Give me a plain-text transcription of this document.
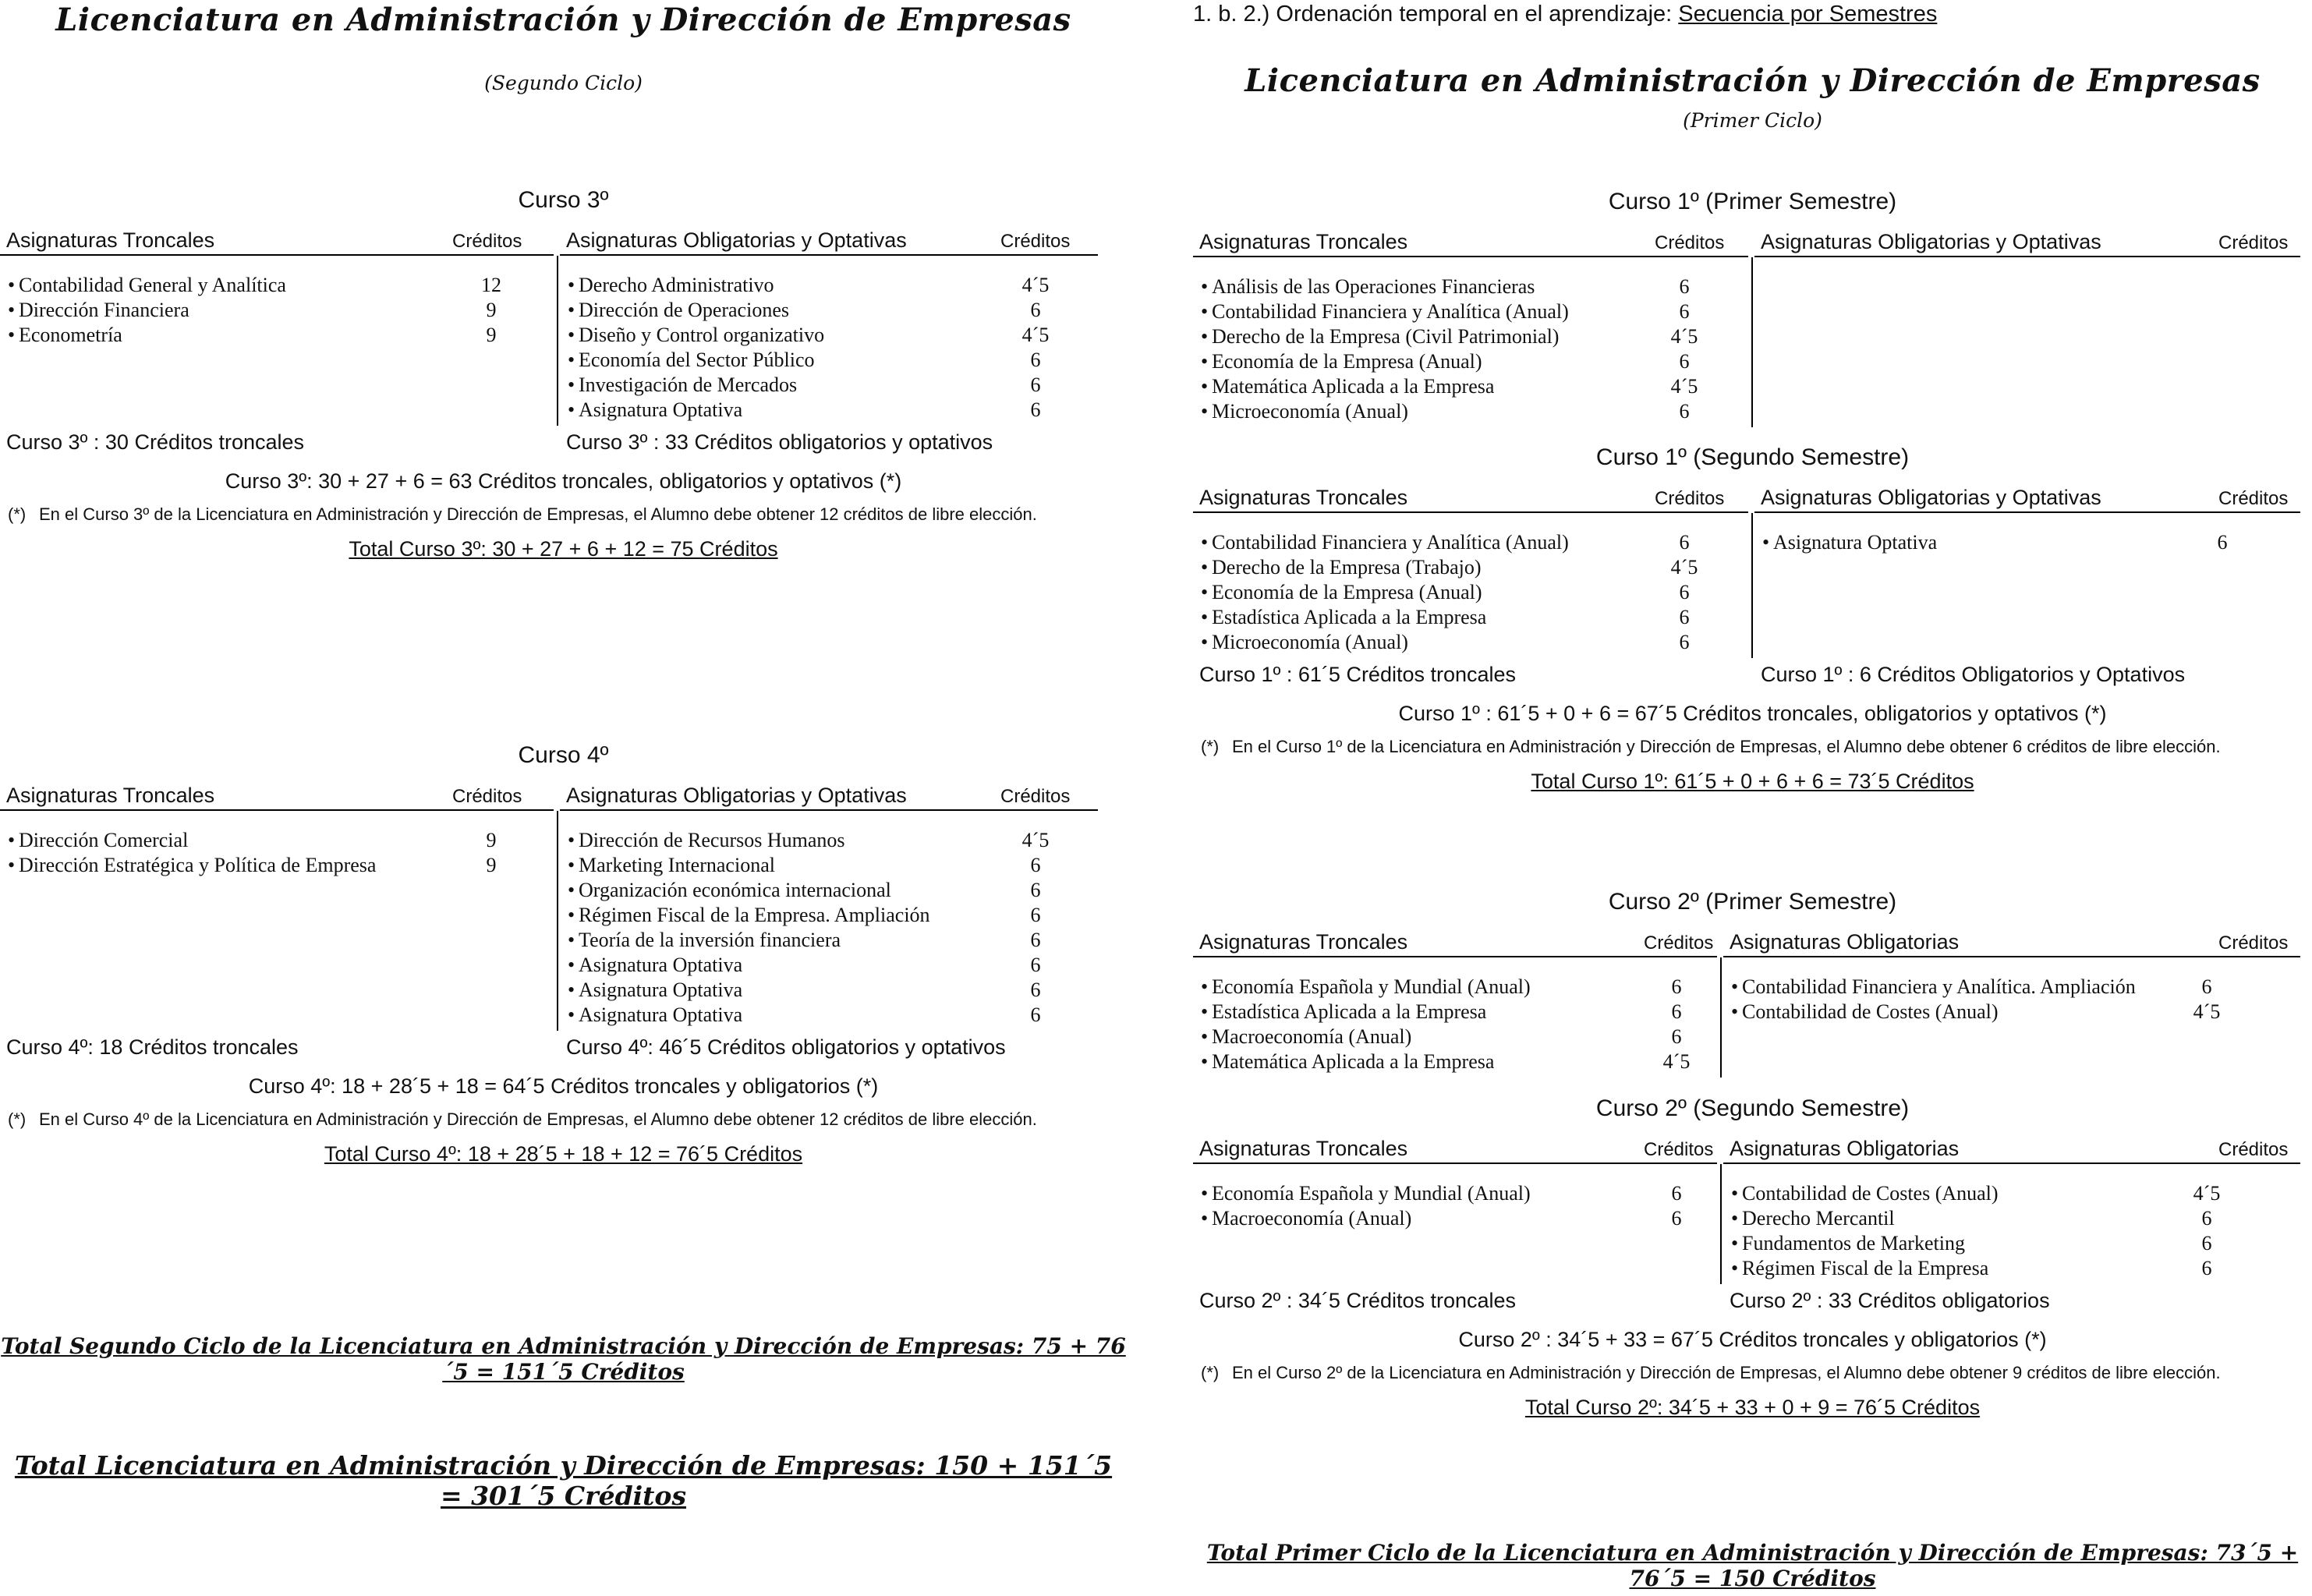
Licenciatura en Administración y Dirección de Empresas
(Segundo Ciclo)
Curso 3º
Asignaturas Troncales	Créditos
• Contabilidad General y Analítica	12
• Dirección Financiera	9
• Econometría	9
Asignaturas Obligatorias y Optativas	Créditos
• Derecho Administrativo	4´5
• Dirección de Operaciones	6
• Diseño y Control organizativo	4´5
• Economía del Sector Público	6
• Investigación de Mercados	6
• Asignatura Optativa	6
Curso 3º : 30 Créditos troncales	Curso 3º : 33 Créditos obligatorios y optativos
Curso 3º: 30 + 27 + 6 = 63 Créditos troncales, obligatorios y optativos (*)
(*) En el Curso 3º de la Licenciatura en Administración y Dirección de Empresas, el Alumno debe obtener 12 créditos de libre elección.
Total Curso 3º: 30 + 27 + 6 + 12 = 75 Créditos
Curso 4º
Asignaturas Troncales	Créditos
• Dirección Comercial	9
• Dirección Estratégica y Política de Empresa	9
Asignaturas Obligatorias y Optativas	Créditos
• Dirección de Recursos Humanos	4´5
• Marketing Internacional	6
• Organización económica internacional	6
• Régimen Fiscal de la Empresa. Ampliación	6
• Teoría de la inversión financiera	6
• Asignatura Optativa	6
• Asignatura Optativa	6
• Asignatura Optativa	6
Curso 4º: 18 Créditos troncales	Curso 4º: 46´5 Créditos obligatorios y optativos
Curso 4º: 18 + 28´5 + 18 = 64´5 Créditos troncales y obligatorios (*)
(*) En el Curso 4º de la Licenciatura en Administración y Dirección de Empresas, el Alumno debe obtener 12 créditos de libre elección.
Total Curso 4º: 18 + 28´5 + 18 + 12 = 76´5 Créditos
Total Segundo Ciclo de la Licenciatura en Administración y Dirección de Empresas: 75 + 76´5 = 151´5 Créditos
Total Licenciatura en Administración y Dirección de Empresas: 150 + 151´5 = 301´5 Créditos
1. b. 2.) Ordenación temporal en el aprendizaje: Secuencia por Semestres
Licenciatura en Administración y Dirección de Empresas
(Primer Ciclo)
Curso 1º (Primer Semestre)
Asignaturas Troncales	Créditos
• Análisis de las Operaciones Financieras	6
• Contabilidad Financiera y Analítica (Anual)	6
• Derecho de la Empresa (Civil Patrimonial)	4´5
• Economía de la Empresa (Anual)	6
• Matemática Aplicada a la Empresa	4´5
• Microeconomía (Anual)	6
Asignaturas Obligatorias y Optativas	Créditos
Curso 1º (Segundo Semestre)
Asignaturas Troncales	Créditos
• Contabilidad Financiera y Analítica (Anual)	6
• Derecho de la Empresa (Trabajo)	4´5
• Economía de la Empresa (Anual)	6
• Estadística Aplicada a la Empresa	6
• Microeconomía (Anual)	6
Asignaturas Obligatorias y Optativas	Créditos
• Asignatura Optativa	6
Curso 1º : 61´5 Créditos troncales	Curso 1º : 6 Créditos Obligatorios y Optativos
Curso 1º : 61´5 + 0 + 6 = 67´5 Créditos troncales, obligatorios y optativos (*)
(*) En el Curso 1º de la Licenciatura en Administración y Dirección de Empresas, el Alumno debe obtener 6 créditos de libre elección.
Total Curso 1º: 61´5 + 0 + 6 + 6 = 73´5 Créditos
Curso 2º (Primer Semestre)
Asignaturas Troncales	Créditos
• Economía Española y Mundial (Anual)	6
• Estadística Aplicada a la Empresa	6
• Macroeconomía (Anual)	6
• Matemática Aplicada a la Empresa	4´5
Asignaturas Obligatorias	Créditos
• Contabilidad Financiera y Analítica. Ampliación	6
• Contabilidad de Costes (Anual)	4´5
Curso 2º (Segundo Semestre)
Asignaturas Troncales	Créditos
• Economía Española y Mundial (Anual)	6
• Macroeconomía (Anual)	6
Asignaturas Obligatorias	Créditos
• Contabilidad de Costes (Anual)	4´5
• Derecho Mercantil	6
• Fundamentos de Marketing	6
• Régimen Fiscal de la Empresa	6
Curso 2º : 34´5 Créditos troncales	Curso 2º : 33 Créditos obligatorios
Curso 2º : 34´5 + 33 = 67´5 Créditos troncales y obligatorios (*)
(*) En el Curso 2º de la Licenciatura en Administración y Dirección de Empresas, el Alumno debe obtener 9 créditos de libre elección.
Total Curso 2º: 34´5 + 33 + 0 + 9 = 76´5 Créditos
Total Primer Ciclo de la Licenciatura en Administración y Dirección de Empresas: 73´5 + 76´5 = 150 Créditos
